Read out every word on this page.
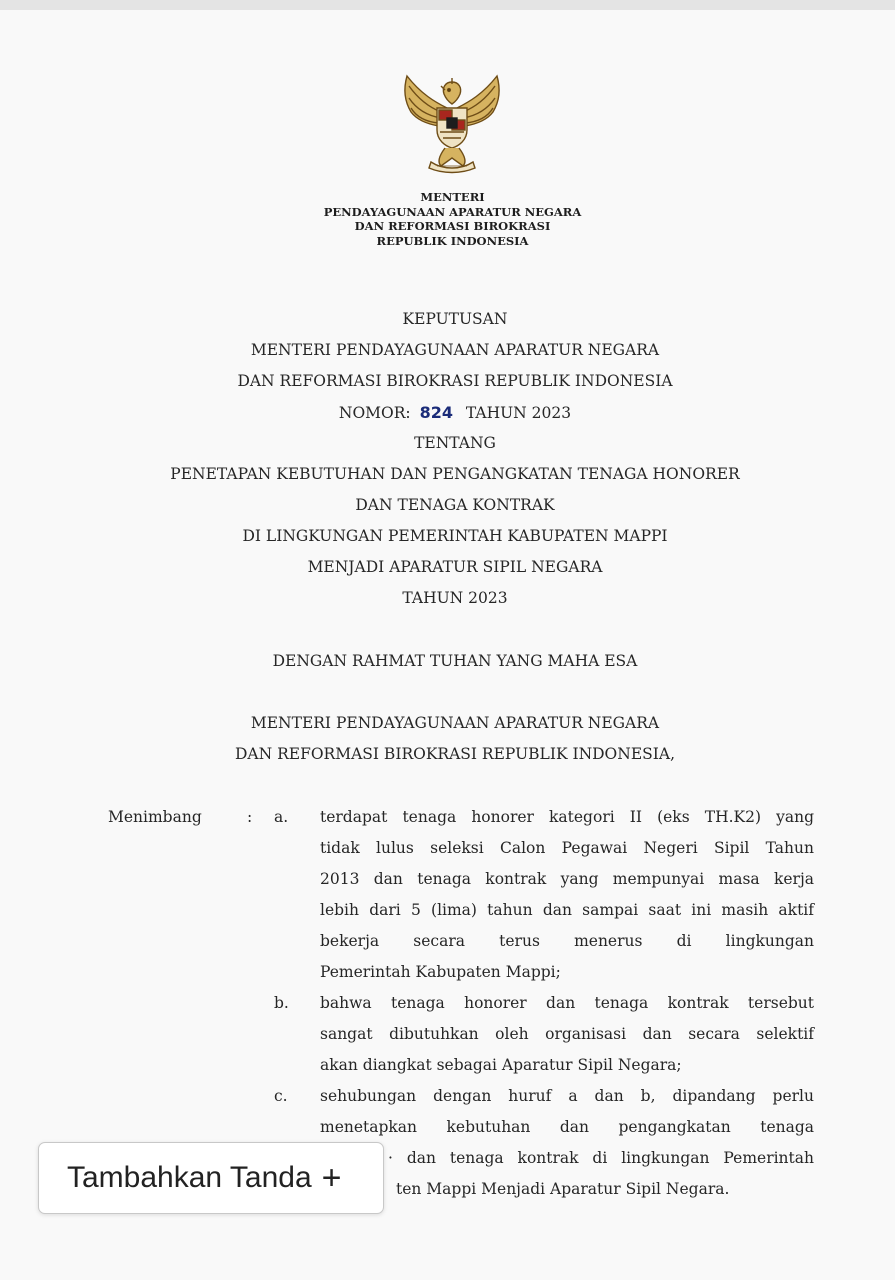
MENTERI
PENDAYAGUNAAN APARATUR NEGARA
DAN REFORMASI BIROKRASI
REPUBLIK INDONESIA
KEPUTUSAN
MENTERI PENDAYAGUNAAN APARATUR NEGARA
DAN REFORMASI BIROKRASI REPUBLIK INDONESIA
NOMOR: 824 TAHUN 2023
TENTANG
PENETAPAN KEBUTUHAN DAN PENGANGKATAN TENAGA HONORER
DAN TENAGA KONTRAK
DI LINGKUNGAN PEMERINTAH KABUPATEN MAPPI
MENJADI APARATUR SIPIL NEGARA
TAHUN 2023
DENGAN RAHMAT TUHAN YANG MAHA ESA
MENTERI PENDAYAGUNAAN APARATUR NEGARA
DAN REFORMASI BIROKRASI REPUBLIK INDONESIA,
Menimbang	: a. terdapat tenaga honorer kategori II (eks TH.K2) yang
tidak lulus seleksi Calon Pegawai Negeri Sipil Tahun
2013 dan tenaga kontrak yang mempunyai masa kerja
lebih dari 5 (lima) tahun dan sampai saat ini masih aktif
bekerja secara terus menerus di lingkungan
Pemerintah Kabupaten Mappi;
b. bahwa tenaga honorer dan tenaga kontrak tersebut
sangat dibutuhkan oleh organisasi dan secara selektif
akan diangkat sebagai Aparatur Sipil Negara;
c. sehubungan dengan huruf a dan b, dipandang perlu
menetapkan kebutuhan dan pengangkatan tenaga
· dan tenaga kontrak di lingkungan Pemerintah
ten Mappi Menjadi Aparatur Sipil Negara.
Tambahkan Tanda +
